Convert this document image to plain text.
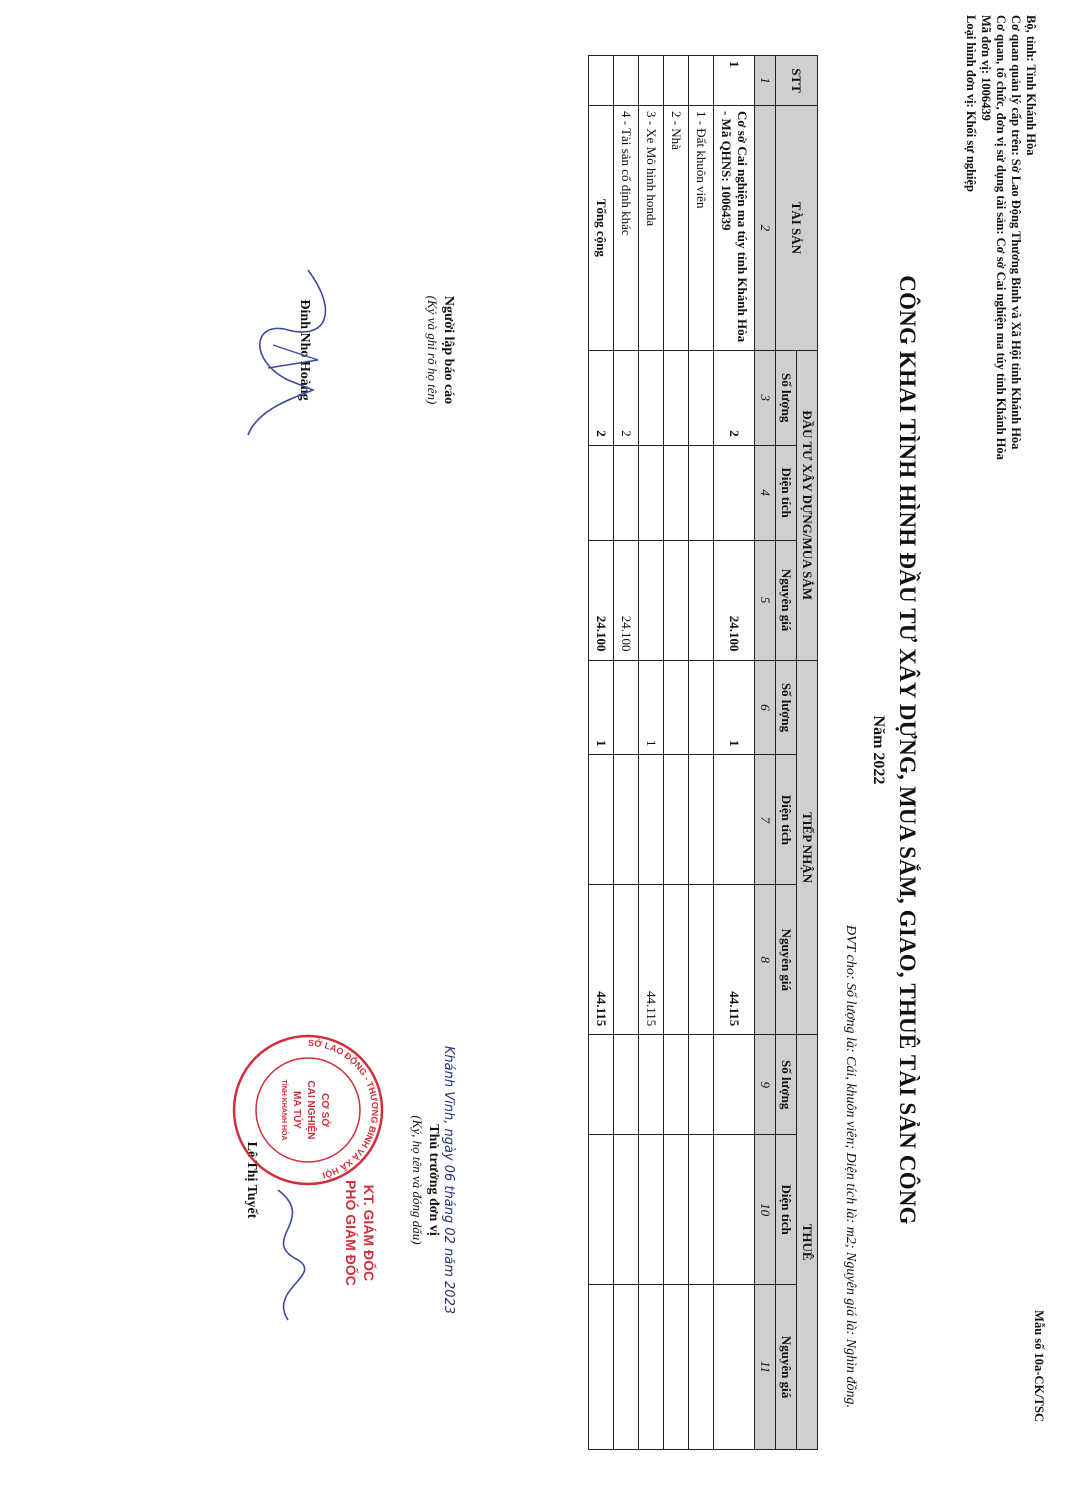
Bộ, tỉnh: Tỉnh Khánh Hòa
Cơ quan quản lý cấp trên: Sở Lao Động Thương Binh và Xã Hội tỉnh Khánh Hòa
Cơ quan, tổ chức, đơn vị sử dụng tài sản: Cơ sở Cai nghiện ma túy tỉnh Khánh Hòa
Mã đơn vị: 1006439
Loại hình đơn vị: Khối sự nghiệp
Mẫu số 10a-CK/TSC
CÔNG KHAI TÌNH HÌNH ĐẦU TƯ XÂY DỰNG, MUA SẮM, GIAO, THUÊ TÀI SẢN CÔNG
Năm 2022
ĐVT cho: Số lượng là: Cái, khuôn viên; Diện tích là: m2; Nguyên giá là: Nghìn đồng.
STT	TÀI SẢN	ĐẦU TƯ XÂY DỰNG/MUA SẮM			TIẾP NHẬN			THUÊ		
		Số lượng	Diện tích	Nguyên giá	Số lượng	Diện tích	Nguyên giá	Số lượng	Diện tích	Nguyên giá
1	2	3	4	5	6	7	8	9	10	11
1	Cơ sở Cai nghiện ma túy tỉnh Khánh Hòa - Mã QHNS: 1006439	2		24.100	1		44.115			
	1 - Đất khuôn viên									
	2 - Nhà									
	3 - Xe Mô hình honda				1		44.115			
	4 - Tài sản cố định khác	2		24.100						
	Tổng cộng	2		24.100	1		44.115			
Người lập báo cáo
(Ký và ghi rõ họ tên)
Đinh Nho Hoàng
Khánh Vĩnh, ngày 06 tháng 02 năm 2023
Thủ trưởng đơn vị
(Ký, họ tên và đóng dấu)
Lê Thị Tuyết
SỞ LAO ĐỘNG - THƯƠNG BINH VÀ XÃ HỘI
CƠ SỞ
CAI NGHIỆN
MA TÚY
TỈNH KHÁNH HÒA
KT. GIÁM ĐỐC
PHÓ GIÁM ĐỐC
